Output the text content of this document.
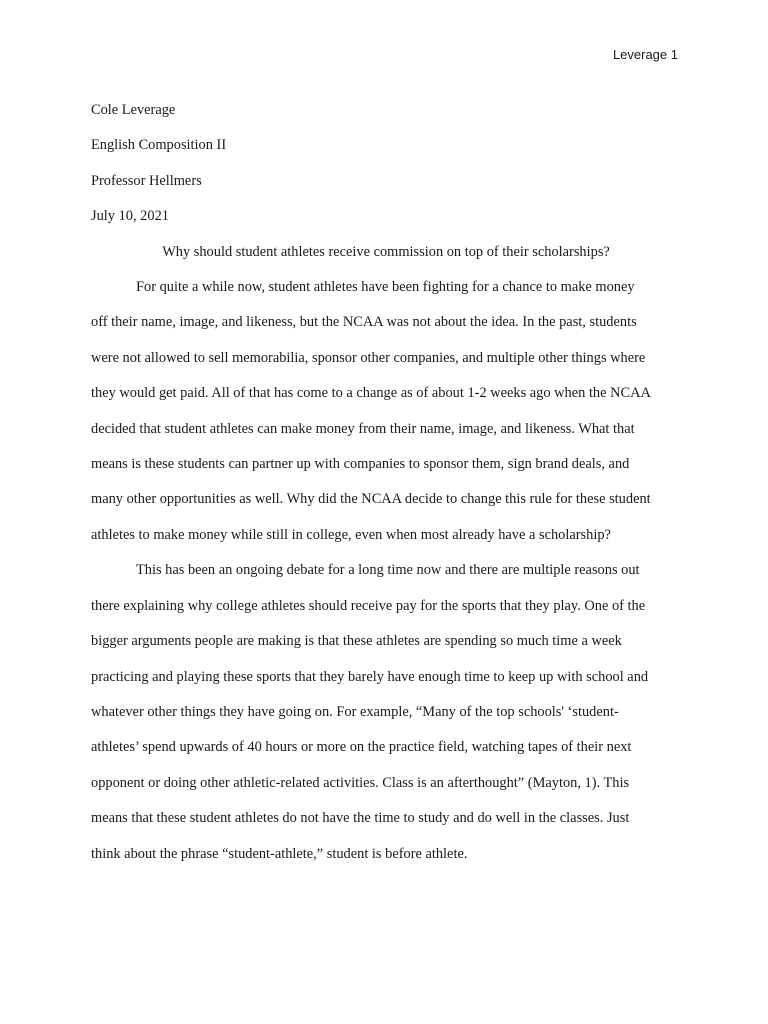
Leverage 1

Cole Leverage

English Composition II

Professor Hellmers

July 10, 2021

Why should student athletes receive commission on top of their scholarships?

For quite a while now, student athletes have been fighting for a chance to make money

off their name, image, and likeness, but the NCAA was not about the idea. In the past, students

were not allowed to sell memorabilia, sponsor other companies, and multiple other things where

they would get paid. All of that has come to a change as of about 1-2 weeks ago when the NCAA

decided that student athletes can make money from their name, image, and likeness. What that

means is these students can partner up with companies to sponsor them, sign brand deals, and

many other opportunities as well. Why did the NCAA decide to change this rule for these student

athletes to make money while still in college, even when most already have a scholarship?

This has been an ongoing debate for a long time now and there are multiple reasons out

there explaining why college athletes should receive pay for the sports that they play. One of the

bigger arguments people are making is that these athletes are spending so much time a week

practicing and playing these sports that they barely have enough time to keep up with school and

whatever other things they have going on. For example, “Many of the top schools' ‘student-

athletes’ spend upwards of 40 hours or more on the practice field, watching tapes of their next

opponent or doing other athletic-related activities. Class is an afterthought” (Mayton, 1). This

means that these student athletes do not have the time to study and do well in the classes. Just

think about the phrase “student-athlete,” student is before athlete.
